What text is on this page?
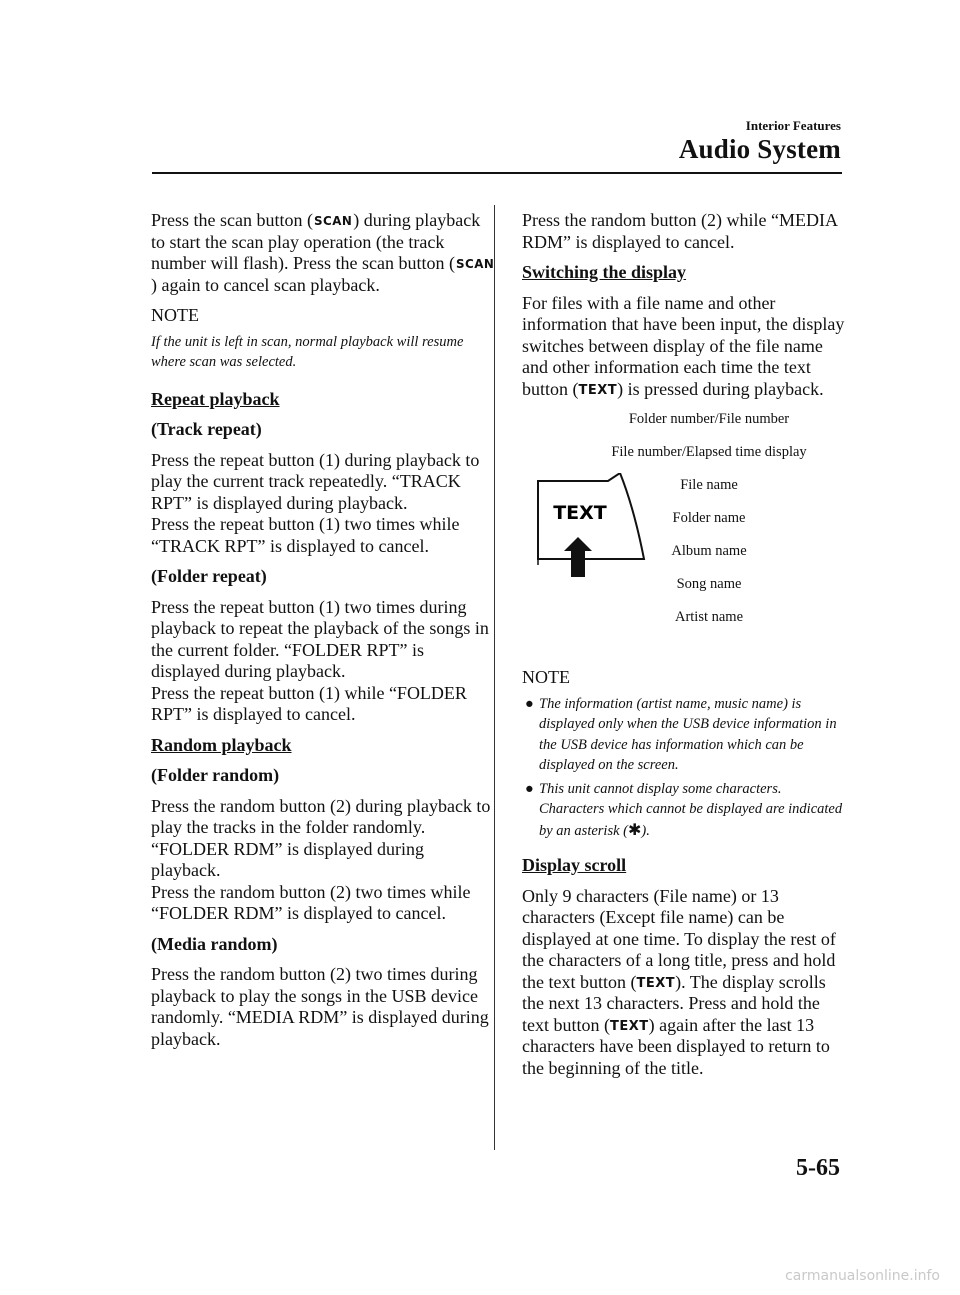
Interior Features
Audio System

Press the scan button (SCAN) during playback to start the scan play operation (the track number will flash). Press the scan button (SCAN) again to cancel scan playback.

NOTE

If the unit is left in scan, normal playback will resume where scan was selected.

Repeat playback

(Track repeat)

Press the repeat button (1) during playback to play the current track repeatedly. “TRACK RPT” is displayed during playback.
Press the repeat button (1) two times while “TRACK RPT” is displayed to cancel.

(Folder repeat)

Press the repeat button (1) two times during playback to repeat the playback of the songs in the current folder. “FOLDER RPT” is displayed during playback.
Press the repeat button (1) while “FOLDER RPT” is displayed to cancel.

Random playback

(Folder random)

Press the random button (2) during playback to play the tracks in the folder randomly. “FOLDER RDM” is displayed during playback.
Press the random button (2) two times while “FOLDER RDM” is displayed to cancel.

(Media random)

Press the random button (2) two times during playback to play the songs in the USB device randomly. “MEDIA RDM” is displayed during playback.

Press the random button (2) while “MEDIA RDM” is displayed to cancel.

Switching the display

For files with a file name and other information that have been input, the display switches between display of the file name and other information each time the text button (TEXT) is pressed during playback.

Folder number/File number
File number/Elapsed time display
File name
Folder name
Album name
Song name
Artist name
TEXT

NOTE

● The information (artist name, music name) is displayed only when the USB device information in the USB device has information which can be displayed on the screen.
● This unit cannot display some characters. Characters which cannot be displayed are indicated by an asterisk (✱).

Display scroll

Only 9 characters (File name) or 13 characters (Except file name) can be displayed at one time. To display the rest of the characters of a long title, press and hold the text button (TEXT). The display scrolls the next 13 characters. Press and hold the text button (TEXT) again after the last 13 characters have been displayed to return to the beginning of the title.

5-65
carmanualsonline.info
